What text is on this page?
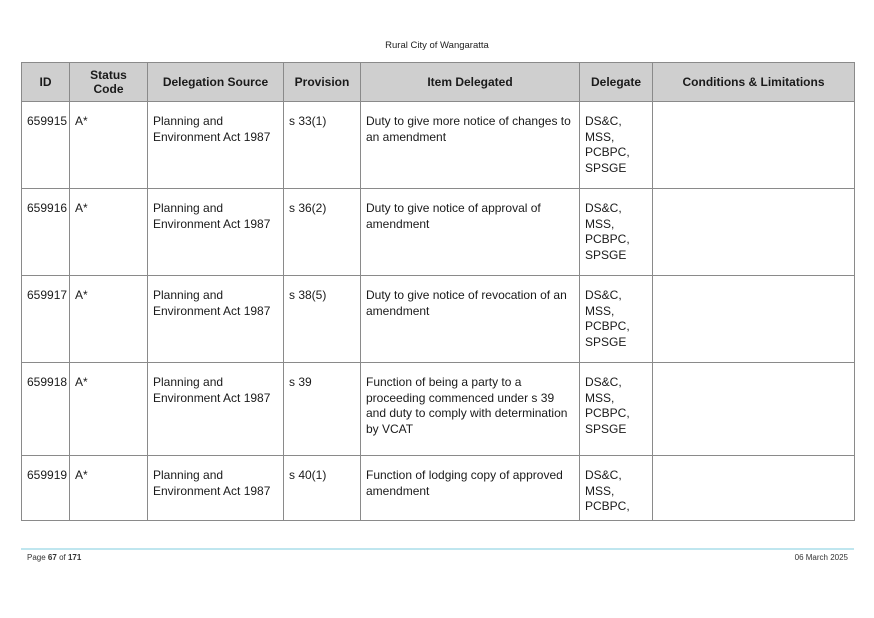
Rural City of Wangaratta
ID	Status Code	Delegation Source	Provision	Item Delegated	Delegate	Conditions & Limitations
659915	A*	Planning and Environment Act 1987	s 33(1)	Duty to give more notice of changes to an amendment	DS&C,
MSS,
PCBPC,
SPSGE	

659916	A*	Planning and Environment Act 1987	s 36(2)	Duty to give notice of approval of amendment	DS&C,
MSS,
PCBPC,
SPSGE	

659917	A*	Planning and Environment Act 1987	s 38(5)	Duty to give notice of revocation of an amendment	DS&C,
MSS,
PCBPC,
SPSGE	

659918	A*	Planning and Environment Act 1987	s 39	Function of being a party to a proceeding commenced under s 39 and duty to comply with determination by VCAT	DS&C,
MSS,
PCBPC,
SPSGE	

659919	A*	Planning and Environment Act 1987	s 40(1)	Function of lodging copy of approved amendment	DS&C,
MSS,
PCBPC,	

Page 67 of 171	06 March 2025
